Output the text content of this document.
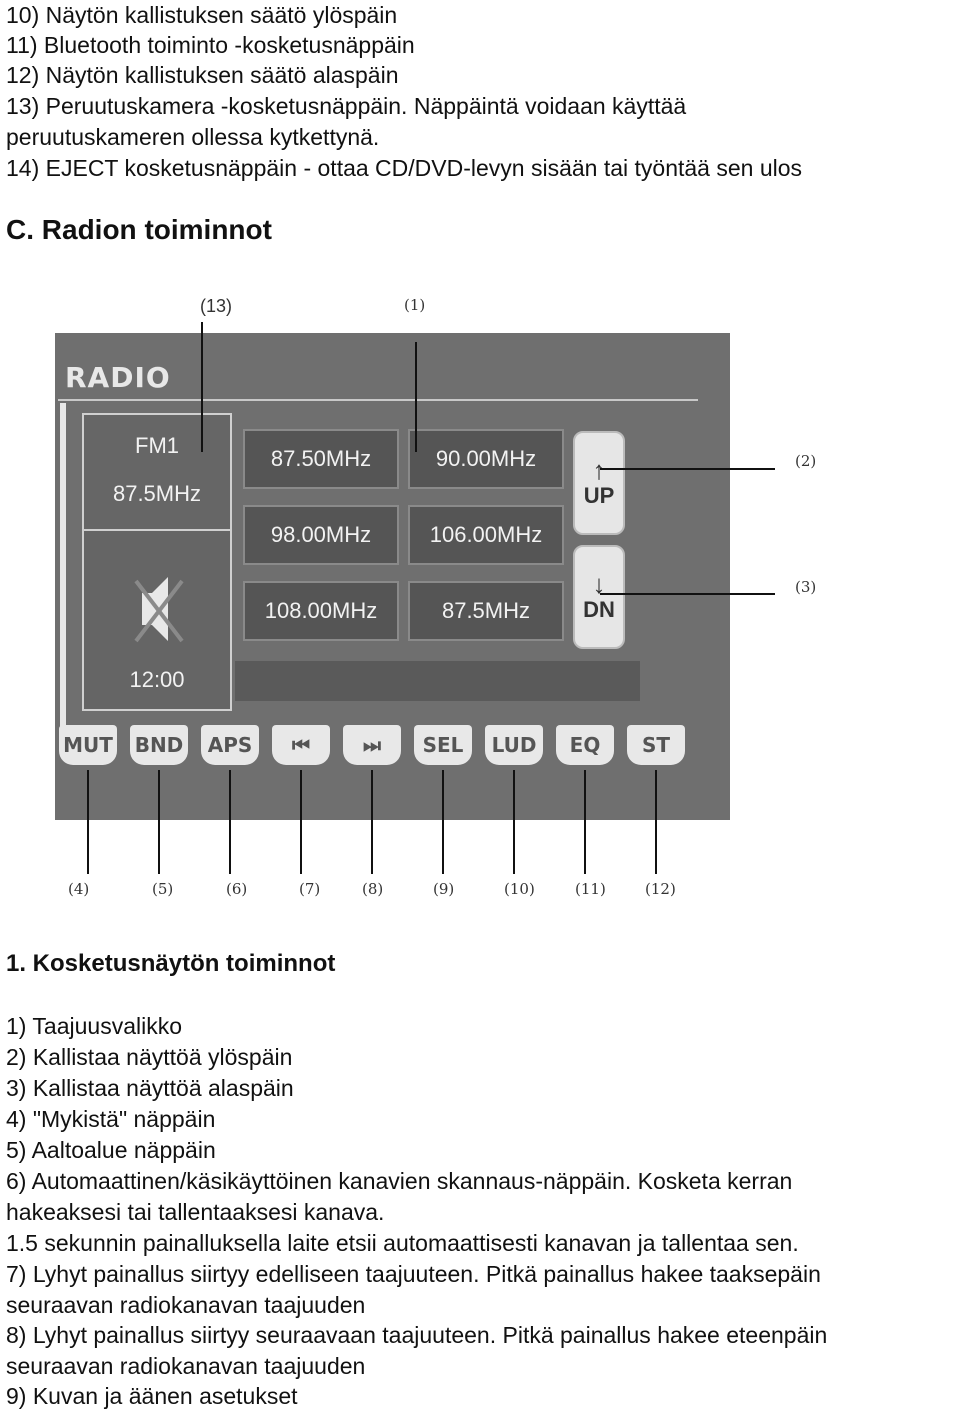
10) Näytön kallistuksen säätö ylöspäin
11) Bluetooth toiminto -kosketusnäppäin
12) Näytön kallistuksen säätö alaspäin
13) Peruutuskamera -kosketusnäppäin. Näppäintä voidaan käyttää
peruutuskameren ollessa kytkettynä.
14) EJECT kosketusnäppäin - ottaa CD/DVD-levyn sisään tai työntää sen ulos
C. Radion toiminnot
(13)	(1)
RADIO
FM1
87.5MHz
12:00
87.50MHz	90.00MHz
98.00MHz	106.00MHz
108.00MHz	87.5MHz
↑
UP
↓
DN
MUT BND	APS	⏮	⏭	SEL	LUD	EQ	ST
(2)
(3)
(4)	(5)	(6)	(7)	(8)	(9)	(10)	(11)	(12)
1. Kosketusnäytön toiminnot
1) Taajuusvalikko
2) Kallistaa näyttöä ylöspäin
3) Kallistaa näyttöä alaspäin
4) "Mykistä" näppäin
5) Aaltoalue näppäin
6) Automaattinen/käsikäyttöinen kanavien skannaus-näppäin. Kosketa kerran
hakeaksesi tai tallentaaksesi kanava.
1.5 sekunnin painalluksella laite etsii automaattisesti kanavan ja tallentaa sen.
7) Lyhyt painallus siirtyy edelliseen taajuuteen. Pitkä painallus hakee taaksepäin
seuraavan radiokanavan taajuuden
8) Lyhyt painallus siirtyy seuraavaan taajuuteen. Pitkä painallus hakee eteenpäin
seuraavan radiokanavan taajuuden
9) Kuvan ja äänen asetukset
